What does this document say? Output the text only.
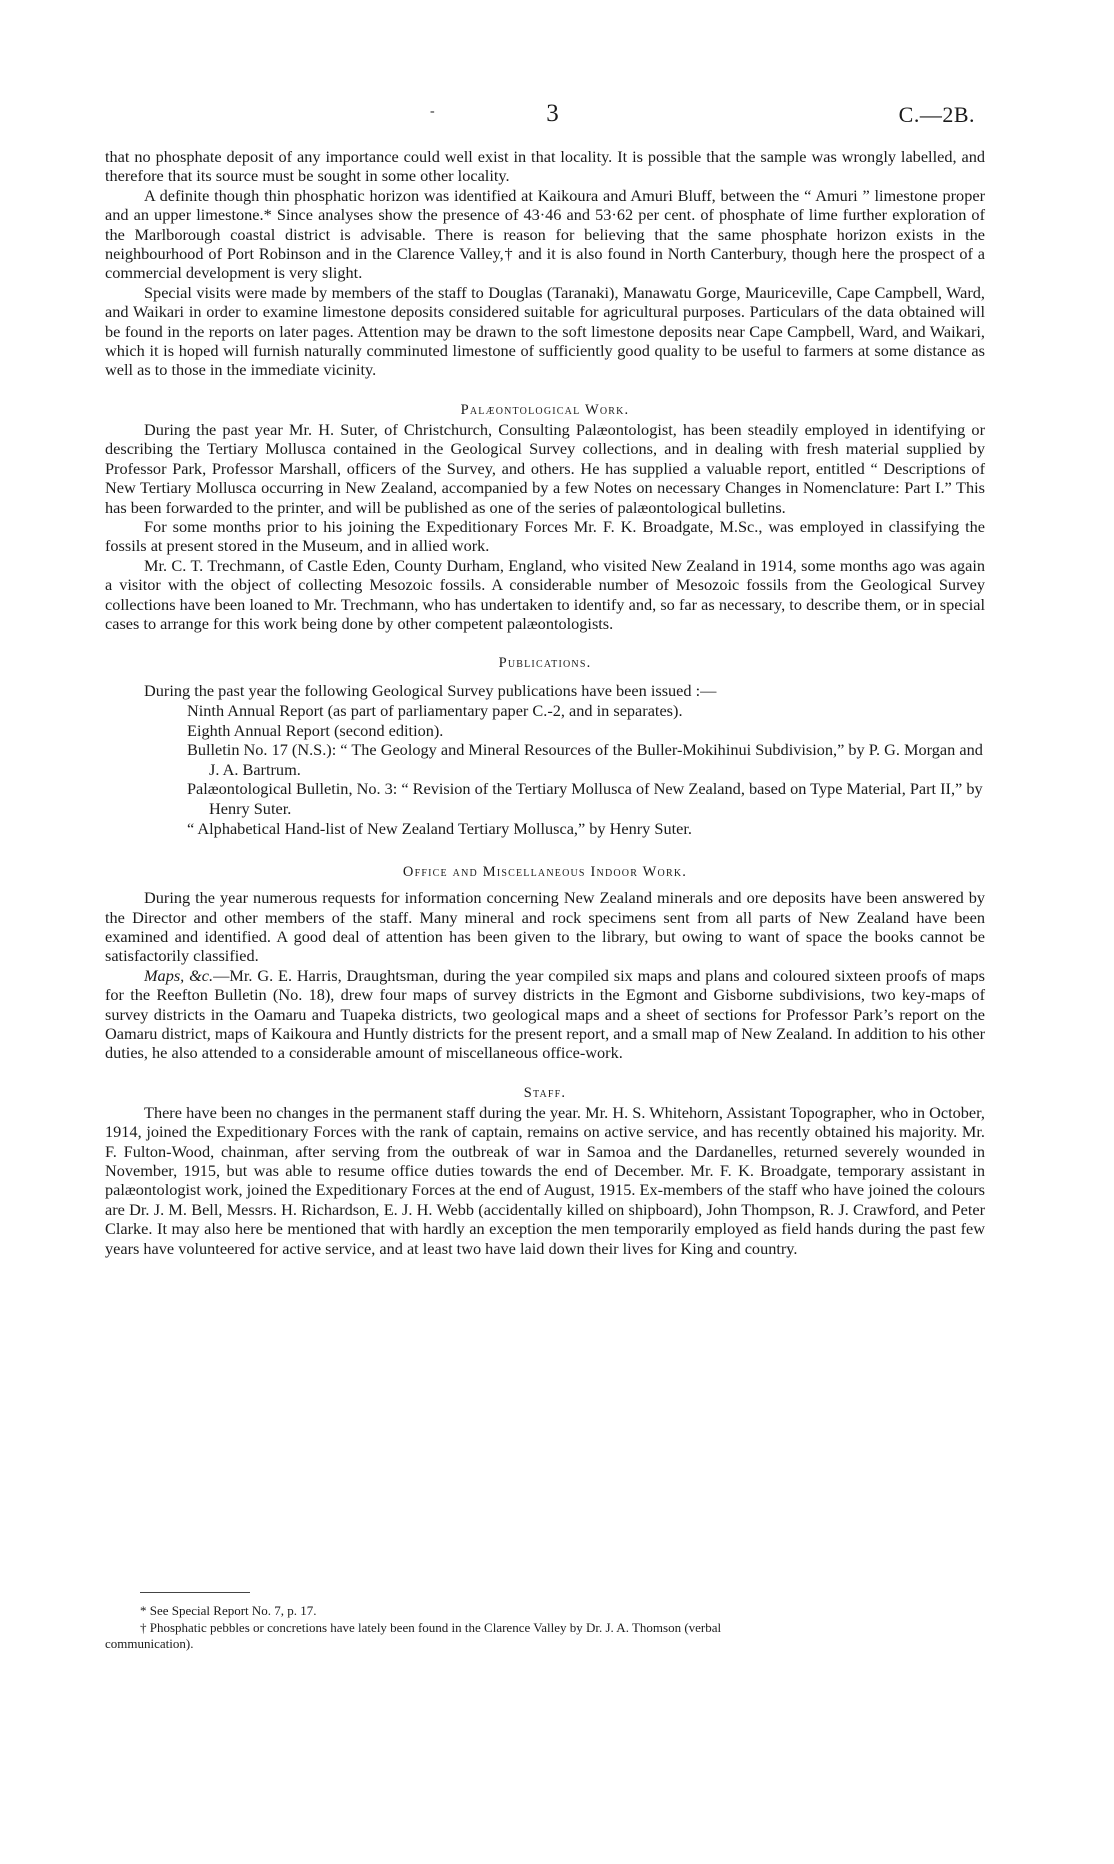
-	3	C.—2B.

that no phosphate deposit of any importance could well exist in that locality. It is possible that the sample was wrongly labelled, and therefore that its source must be sought in some other locality.

A definite though thin phosphatic horizon was identified at Kaikoura and Amuri Bluff, between the “ Amuri ” limestone proper and an upper limestone.* Since analyses show the presence of 43·46 and 53·62 per cent. of phosphate of lime further exploration of the Marlborough coastal district is advisable. There is reason for believing that the same phosphate horizon exists in the neighbourhood of Port Robinson and in the Clarence Valley,† and it is also found in North Canterbury, though here the prospect of a commercial development is very slight.

Special visits were made by members of the staff to Douglas (Taranaki), Manawatu Gorge, Mauriceville, Cape Campbell, Ward, and Waikari in order to examine limestone deposits considered suitable for agricultural purposes. Particulars of the data obtained will be found in the reports on later pages. Attention may be drawn to the soft limestone deposits near Cape Campbell, Ward, and Waikari, which it is hoped will furnish naturally comminuted limestone of sufficiently good quality to be useful to farmers at some distance as well as to those in the immediate vicinity.

Palæontological Work.

During the past year Mr. H. Suter, of Christchurch, Consulting Palæontologist, has been steadily employed in identifying or describing the Tertiary Mollusca contained in the Geological Survey collections, and in dealing with fresh material supplied by Professor Park, Professor Marshall, officers of the Survey, and others. He has supplied a valuable report, entitled “ Descriptions of New Tertiary Mollusca occurring in New Zealand, accompanied by a few Notes on necessary Changes in Nomenclature: Part I.” This has been forwarded to the printer, and will be published as one of the series of palæontological bulletins.

For some months prior to his joining the Expeditionary Forces Mr. F. K. Broadgate, M.Sc., was employed in classifying the fossils at present stored in the Museum, and in allied work.

Mr. C. T. Trechmann, of Castle Eden, County Durham, England, who visited New Zealand in 1914, some months ago was again a visitor with the object of collecting Mesozoic fossils. A considerable number of Mesozoic fossils from the Geological Survey collections have been loaned to Mr. Trechmann, who has undertaken to identify and, so far as necessary, to describe them, or in special cases to arrange for this work being done by other competent palæontologists.

Publications.

During the past year the following Geological Survey publications have been issued :—

Ninth Annual Report (as part of parliamentary paper C.-2, and in separates).
Eighth Annual Report (second edition).
Bulletin No. 17 (N.S.): “ The Geology and Mineral Resources of the Buller-Mokihinui Subdivision,” by P. G. Morgan and J. A. Bartrum.
Palæontological Bulletin, No. 3: “ Revision of the Tertiary Mollusca of New Zealand, based on Type Material, Part II,” by Henry Suter.
“ Alphabetical Hand-list of New Zealand Tertiary Mollusca,” by Henry Suter.

Office and Miscellaneous Indoor Work.

During the year numerous requests for information concerning New Zealand minerals and ore deposits have been answered by the Director and other members of the staff. Many mineral and rock specimens sent from all parts of New Zealand have been examined and identified. A good deal of attention has been given to the library, but owing to want of space the books cannot be satisfactorily classified.

Maps, &c.—Mr. G. E. Harris, Draughtsman, during the year compiled six maps and plans and coloured sixteen proofs of maps for the Reefton Bulletin (No. 18), drew four maps of survey districts in the Egmont and Gisborne subdivisions, two key-maps of survey districts in the Oamaru and Tuapeka districts, two geological maps and a sheet of sections for Professor Park’s report on the Oamaru district, maps of Kaikoura and Huntly districts for the present report, and a small map of New Zealand. In addition to his other duties, he also attended to a considerable amount of miscellaneous office-work.

Staff.

There have been no changes in the permanent staff during the year. Mr. H. S. Whitehorn, Assistant Topographer, who in October, 1914, joined the Expeditionary Forces with the rank of captain, remains on active service, and has recently obtained his majority. Mr. F. Fulton-Wood, chainman, after serving from the outbreak of war in Samoa and the Dardanelles, returned severely wounded in November, 1915, but was able to resume office duties towards the end of December. Mr. F. K. Broadgate, temporary assistant in palæontologist work, joined the Expeditionary Forces at the end of August, 1915. Ex-members of the staff who have joined the colours are Dr. J. M. Bell, Messrs. H. Richardson, E. J. H. Webb (accidentally killed on shipboard), John Thompson, R. J. Crawford, and Peter Clarke. It may also here be mentioned that with hardly an exception the men temporarily employed as field hands during the past few years have volunteered for active service, and at least two have laid down their lives for King and country.

* See Special Report No. 7, p. 17.
† Phosphatic pebbles or concretions have lately been found in the Clarence Valley by Dr. J. A. Thomson (verbal
communication).
